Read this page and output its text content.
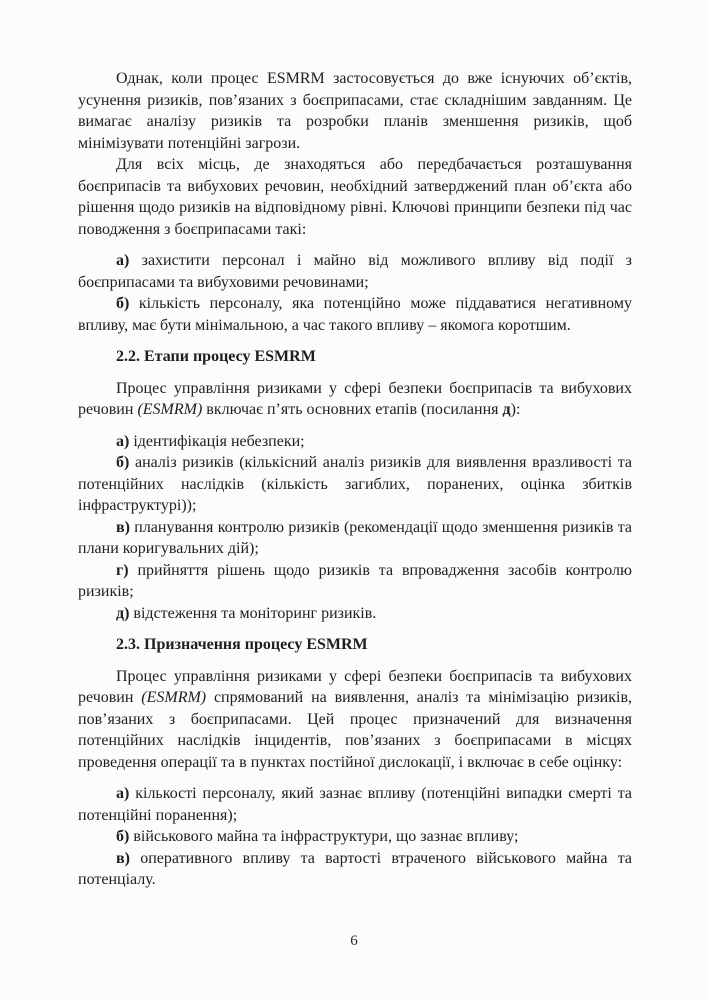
Однак, коли процес ESMRM застосовується до вже існуючих об’єктів, усунення ризиків, пов’язаних з боєприпасами, стає складнішим завданням. Це вимагає аналізу ризиків та розробки планів зменшення ризиків, щоб мінімізувати потенційні загрози.

Для всіх місць, де знаходяться або передбачається розташування боєприпасів та вибухових речовин, необхідний затверджений план об’єкта або рішення щодо ризиків на відповідному рівні. Ключові принципи безпеки під час поводження з боєприпасами такі:

а) захистити персонал і майно від можливого впливу від події з боєприпасами та вибуховими речовинами;

б) кількість персоналу, яка потенційно може піддаватися негативному впливу, має бути мінімальною, а час такого впливу – якомога коротшим.

2.2. Етапи процесу ESMRM

Процес управління ризиками у сфері безпеки боєприпасів та вибухових речовин (ESMRM) включає п’ять основних етапів (посилання д):

а) ідентифікація небезпеки;

б) аналіз ризиків (кількісний аналіз ризиків для виявлення вразливості та потенційних наслідків (кількість загиблих, поранених, оцінка збитків інфраструктурі));

в) планування контролю ризиків (рекомендації щодо зменшення ризиків та плани коригувальних дій);

г) прийняття рішень щодо ризиків та впровадження засобів контролю ризиків;

д) відстеження та моніторинг ризиків.

2.3. Призначення процесу ESMRM

Процес управління ризиками у сфері безпеки боєприпасів та вибухових речовин (ESMRM) спрямований на виявлення, аналіз та мінімізацію ризиків, пов’язаних з боєприпасами. Цей процес призначений для визначення потенційних наслідків інцидентів, пов’язаних з боєприпасами в місцях проведення операції та в пунктах постійної дислокації, і включає в себе оцінку:

а) кількості персоналу, який зазнає впливу (потенційні випадки смерті та потенційні поранення);

б) військового майна та інфраструктури, що зазнає впливу;

в) оперативного впливу та вартості втраченого військового майна та потенціалу.

6
